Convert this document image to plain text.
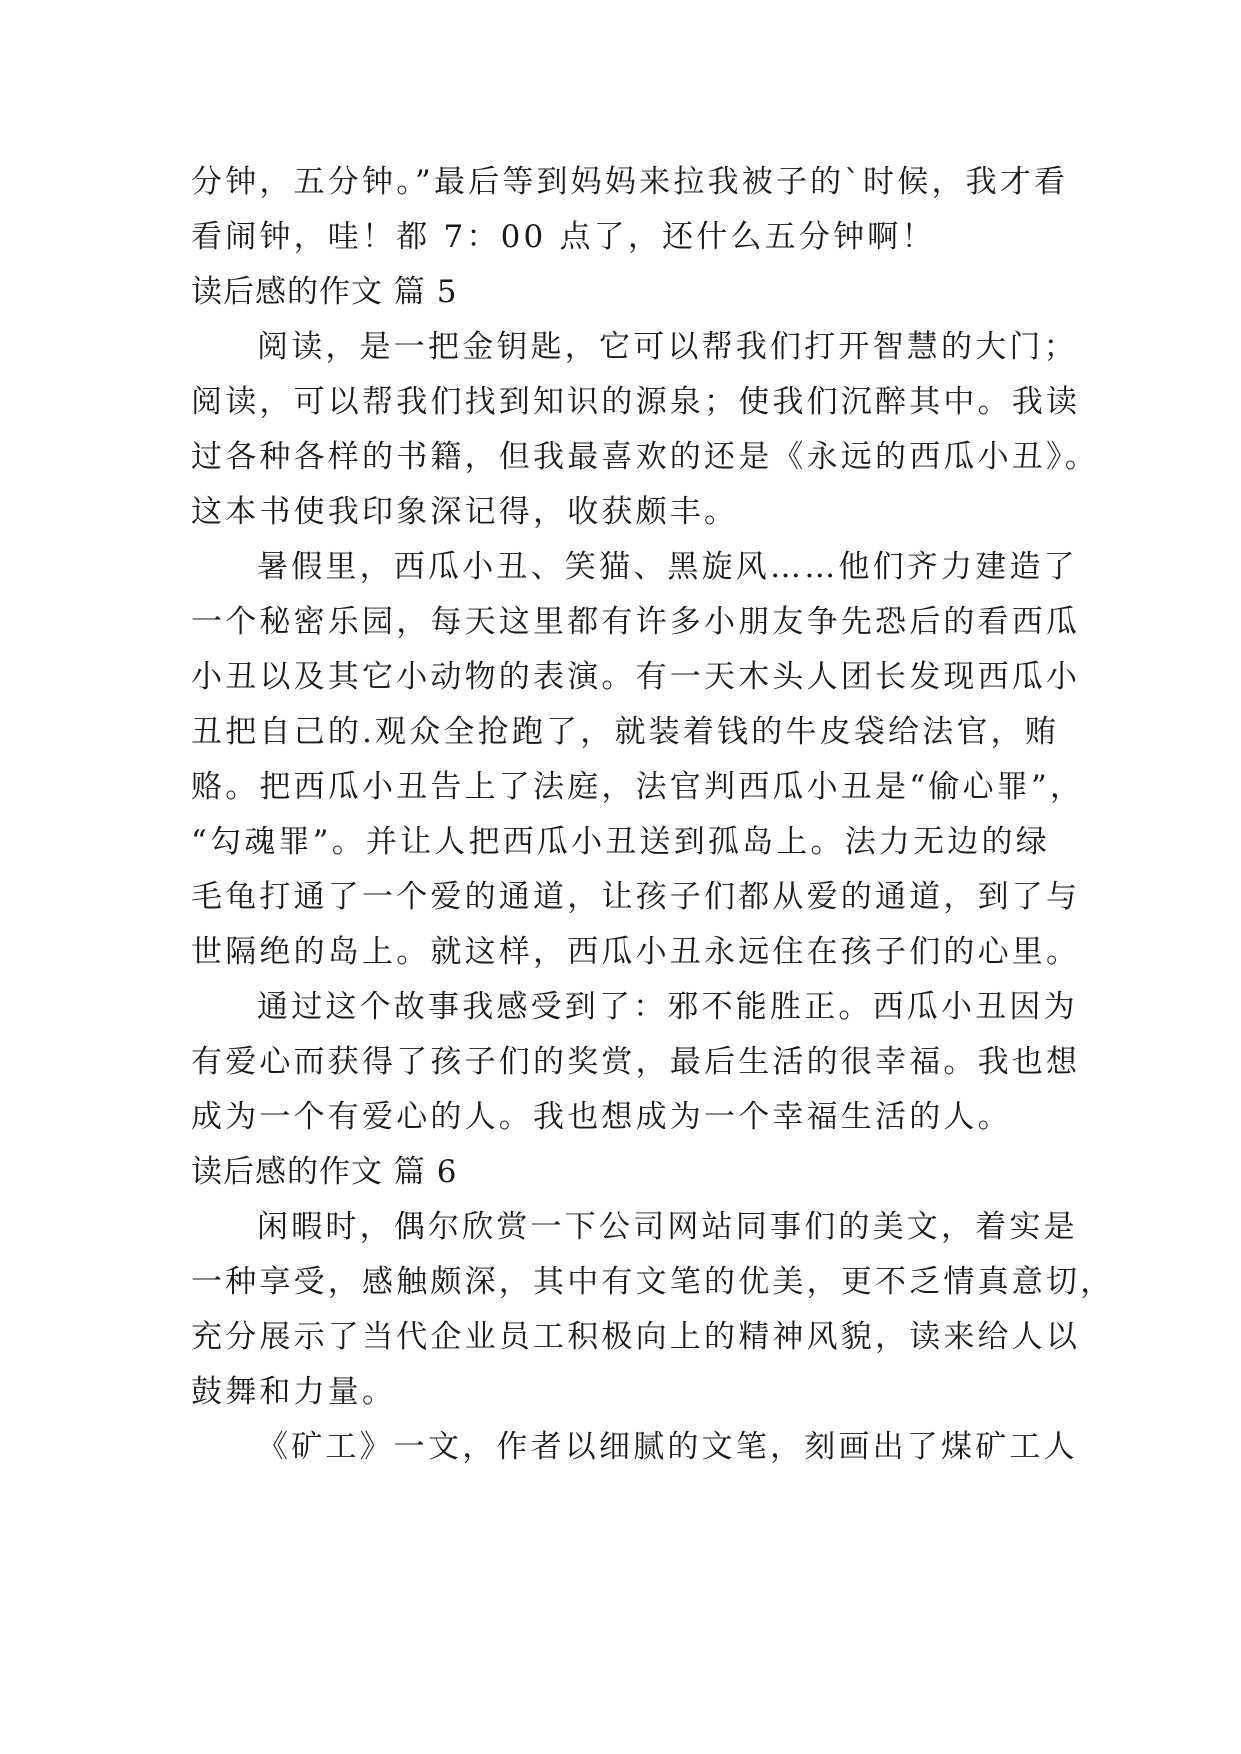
分钟，五分钟。”最后等到妈妈来拉我被子的`时候，我才看
看闹钟，哇！都 7：00 点了，还什么五分钟啊！
读后感的作文 篇 5
阅读，是一把金钥匙，它可以帮我们打开智慧的大门；
阅读，可以帮我们找到知识的源泉；使我们沉醉其中。我读
过各种各样的书籍，但我最喜欢的还是《永远的西瓜小丑》。
这本书使我印象深记得，收获颇丰。
暑假里，西瓜小丑、笑猫、黑旋风……他们齐力建造了
一个秘密乐园，每天这里都有许多小朋友争先恐后的看西瓜
小丑以及其它小动物的表演。有一天木头人团长发现西瓜小
丑把自己的.观众全抢跑了，就装着钱的牛皮袋给法官，贿
赂。把西瓜小丑告上了法庭，法官判西瓜小丑是“偷心罪”，
“勾魂罪”。并让人把西瓜小丑送到孤岛上。法力无边的绿
毛龟打通了一个爱的通道，让孩子们都从爱的通道，到了与
世隔绝的岛上。就这样，西瓜小丑永远住在孩子们的心里。
通过这个故事我感受到了：邪不能胜正。西瓜小丑因为
有爱心而获得了孩子们的奖赏，最后生活的很幸福。我也想
成为一个有爱心的人。我也想成为一个幸福生活的人。
读后感的作文 篇 6
闲暇时，偶尔欣赏一下公司网站同事们的美文，着实是
一种享受，感触颇深，其中有文笔的优美，更不乏情真意切，
充分展示了当代企业员工积极向上的精神风貌，读来给人以
鼓舞和力量。
《矿工》一文，作者以细腻的文笔，刻画出了煤矿工人
